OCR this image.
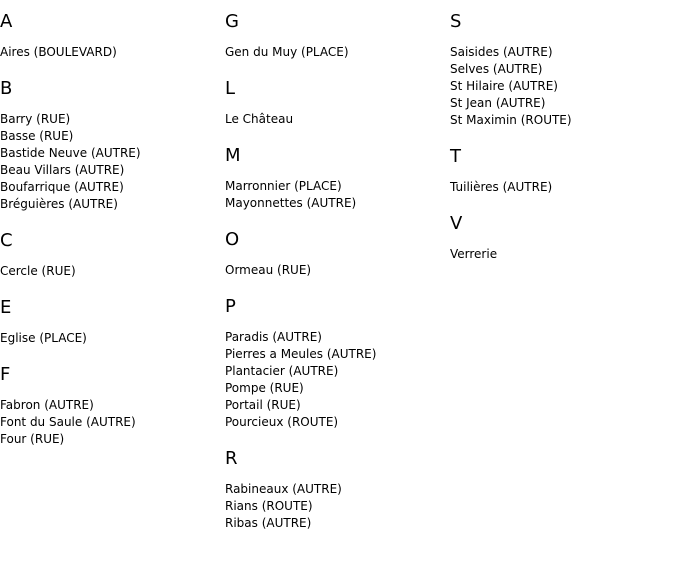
A
Aires (BOULEVARD)
B
Barry (RUE)
Basse (RUE)
Bastide Neuve (AUTRE)
Beau Villars (AUTRE)
Boufarrique (AUTRE)
Bréguières (AUTRE)
C
Cercle (RUE)
E
Eglise (PLACE)
F
Fabron (AUTRE)
Font du Saule (AUTRE)
Four (RUE)
G
Gen du Muy (PLACE)
L
Le Château
M
Marronnier (PLACE)
Mayonnettes (AUTRE)
O
Ormeau (RUE)
P
Paradis (AUTRE)
Pierres a Meules (AUTRE)
Plantacier (AUTRE)
Pompe (RUE)
Portail (RUE)
Pourcieux (ROUTE)
R
Rabineaux (AUTRE)
Rians (ROUTE)
Ribas (AUTRE)
S
Saisides (AUTRE)
Selves (AUTRE)
St Hilaire (AUTRE)
St Jean (AUTRE)
St Maximin (ROUTE)
T
Tuilières (AUTRE)
V
Verrerie
